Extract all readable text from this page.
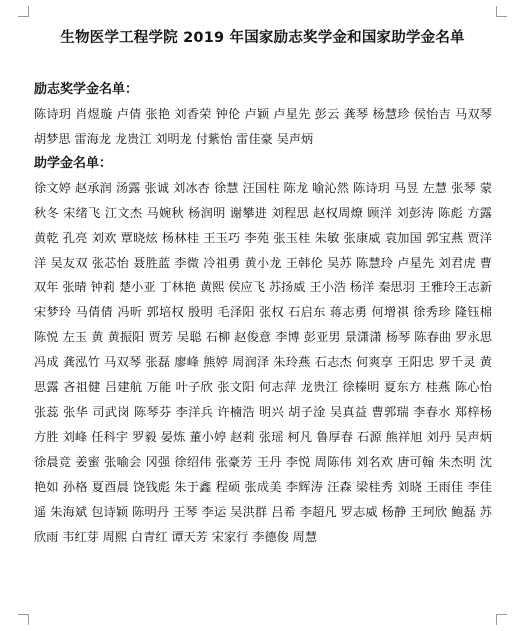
生物医学工程学院 2019 年国家励志奖学金和国家助学金名单
励志奖学金名单：
陈诗玥 肖煜璇 卢倩 张艳 刘香荣 钟伦 卢颖 卢星先 彭云 龚琴 杨慧珍 侯怡吉 马双琴 胡梦思 雷海龙 龙贵江 刘明龙 付紫怡 雷佳豪 吴声炳
助学金名单：
徐文婷 赵承润 汤露 张诚 刘冰杏 徐慧 汪国柱 陈龙 喻沁然 陈诗玥 马昱 左慧 张琴 蒙秋冬 宋绪飞 江文杰 马婉秋 杨润明 谢攀进 刘程思 赵权周燎 顾洋 刘彭涛 陈彪 方露 黄乾 孔亮 刘欢 覃晓炫 杨林桂 王玉巧 李苑 张玉桂 朱敏 张康威 袁加国 郭宝燕 贾洋洋 吴友双 张芯怡 聂胜蓝 李微 冷祖勇 黄小龙 王韩伦 吴苏 陈慧玲 卢星先 刘君虎 曹双年 张晴 钟莉 楚小亚 丁林艳 黄熙 侯应飞 苏扬威 王小浩 杨洋 秦思羽 王雅玲王志新 宋梦玲 马倩倩 冯昕 郭培权 殷明 毛泽阳 张权 石启东 蒋志勇 何增祺 徐秀珍 隆钰棉 陈悦 左玉 黄 黄振阳 贾芳 吴聪 石柳 赵俊意 李博 彭亚男 景潇潇 杨琴 陈春曲 罗永思 冯成 龚泓竹 马双琴 张磊 廖峰 熊婷 周润泽 朱玲燕 石志杰 何爽享 王阳忠 罗千灵 黄思露 吝祖健 吕建航 万能 叶子欣 张文阳 何志萍 龙贵江 徐榛明 夏东方 桂燕 陈心怡 张蕊 张华 司武岗 陈琴芬 李洋兵 许楠浩 明兴 胡子淦 吴真益 曹郭瑞 李春水 郑梓杨 方胜 刘峰 任科宇 罗毅 晏炼 董小婷 赵莉 张瑶 柯凡 鲁厚春 石源 熊祥旭 刘丹 吴声炳 徐晨竞 姜蜜 张喻会 冈强 徐绍伟 张豪芳 王丹 李悦 周陈伟 刘名欢 唐可翰 朱杰明 沈艳如 孙格 夏酉晨 饶钱彪 朱于鑫 程硕 张成美 李辉涛 汪森 梁桂秀 刘晓 王雨佳 李佳遥 朱海斌 包诗颖 陈明丹 王琴 李运 吴洪群 吕希 李超凡 罗志威 杨静 王珂欣 鲍磊 苏欣雨 韦红芽 周熙 白青红 谭天芳 宋家行 李德俊 周慧
